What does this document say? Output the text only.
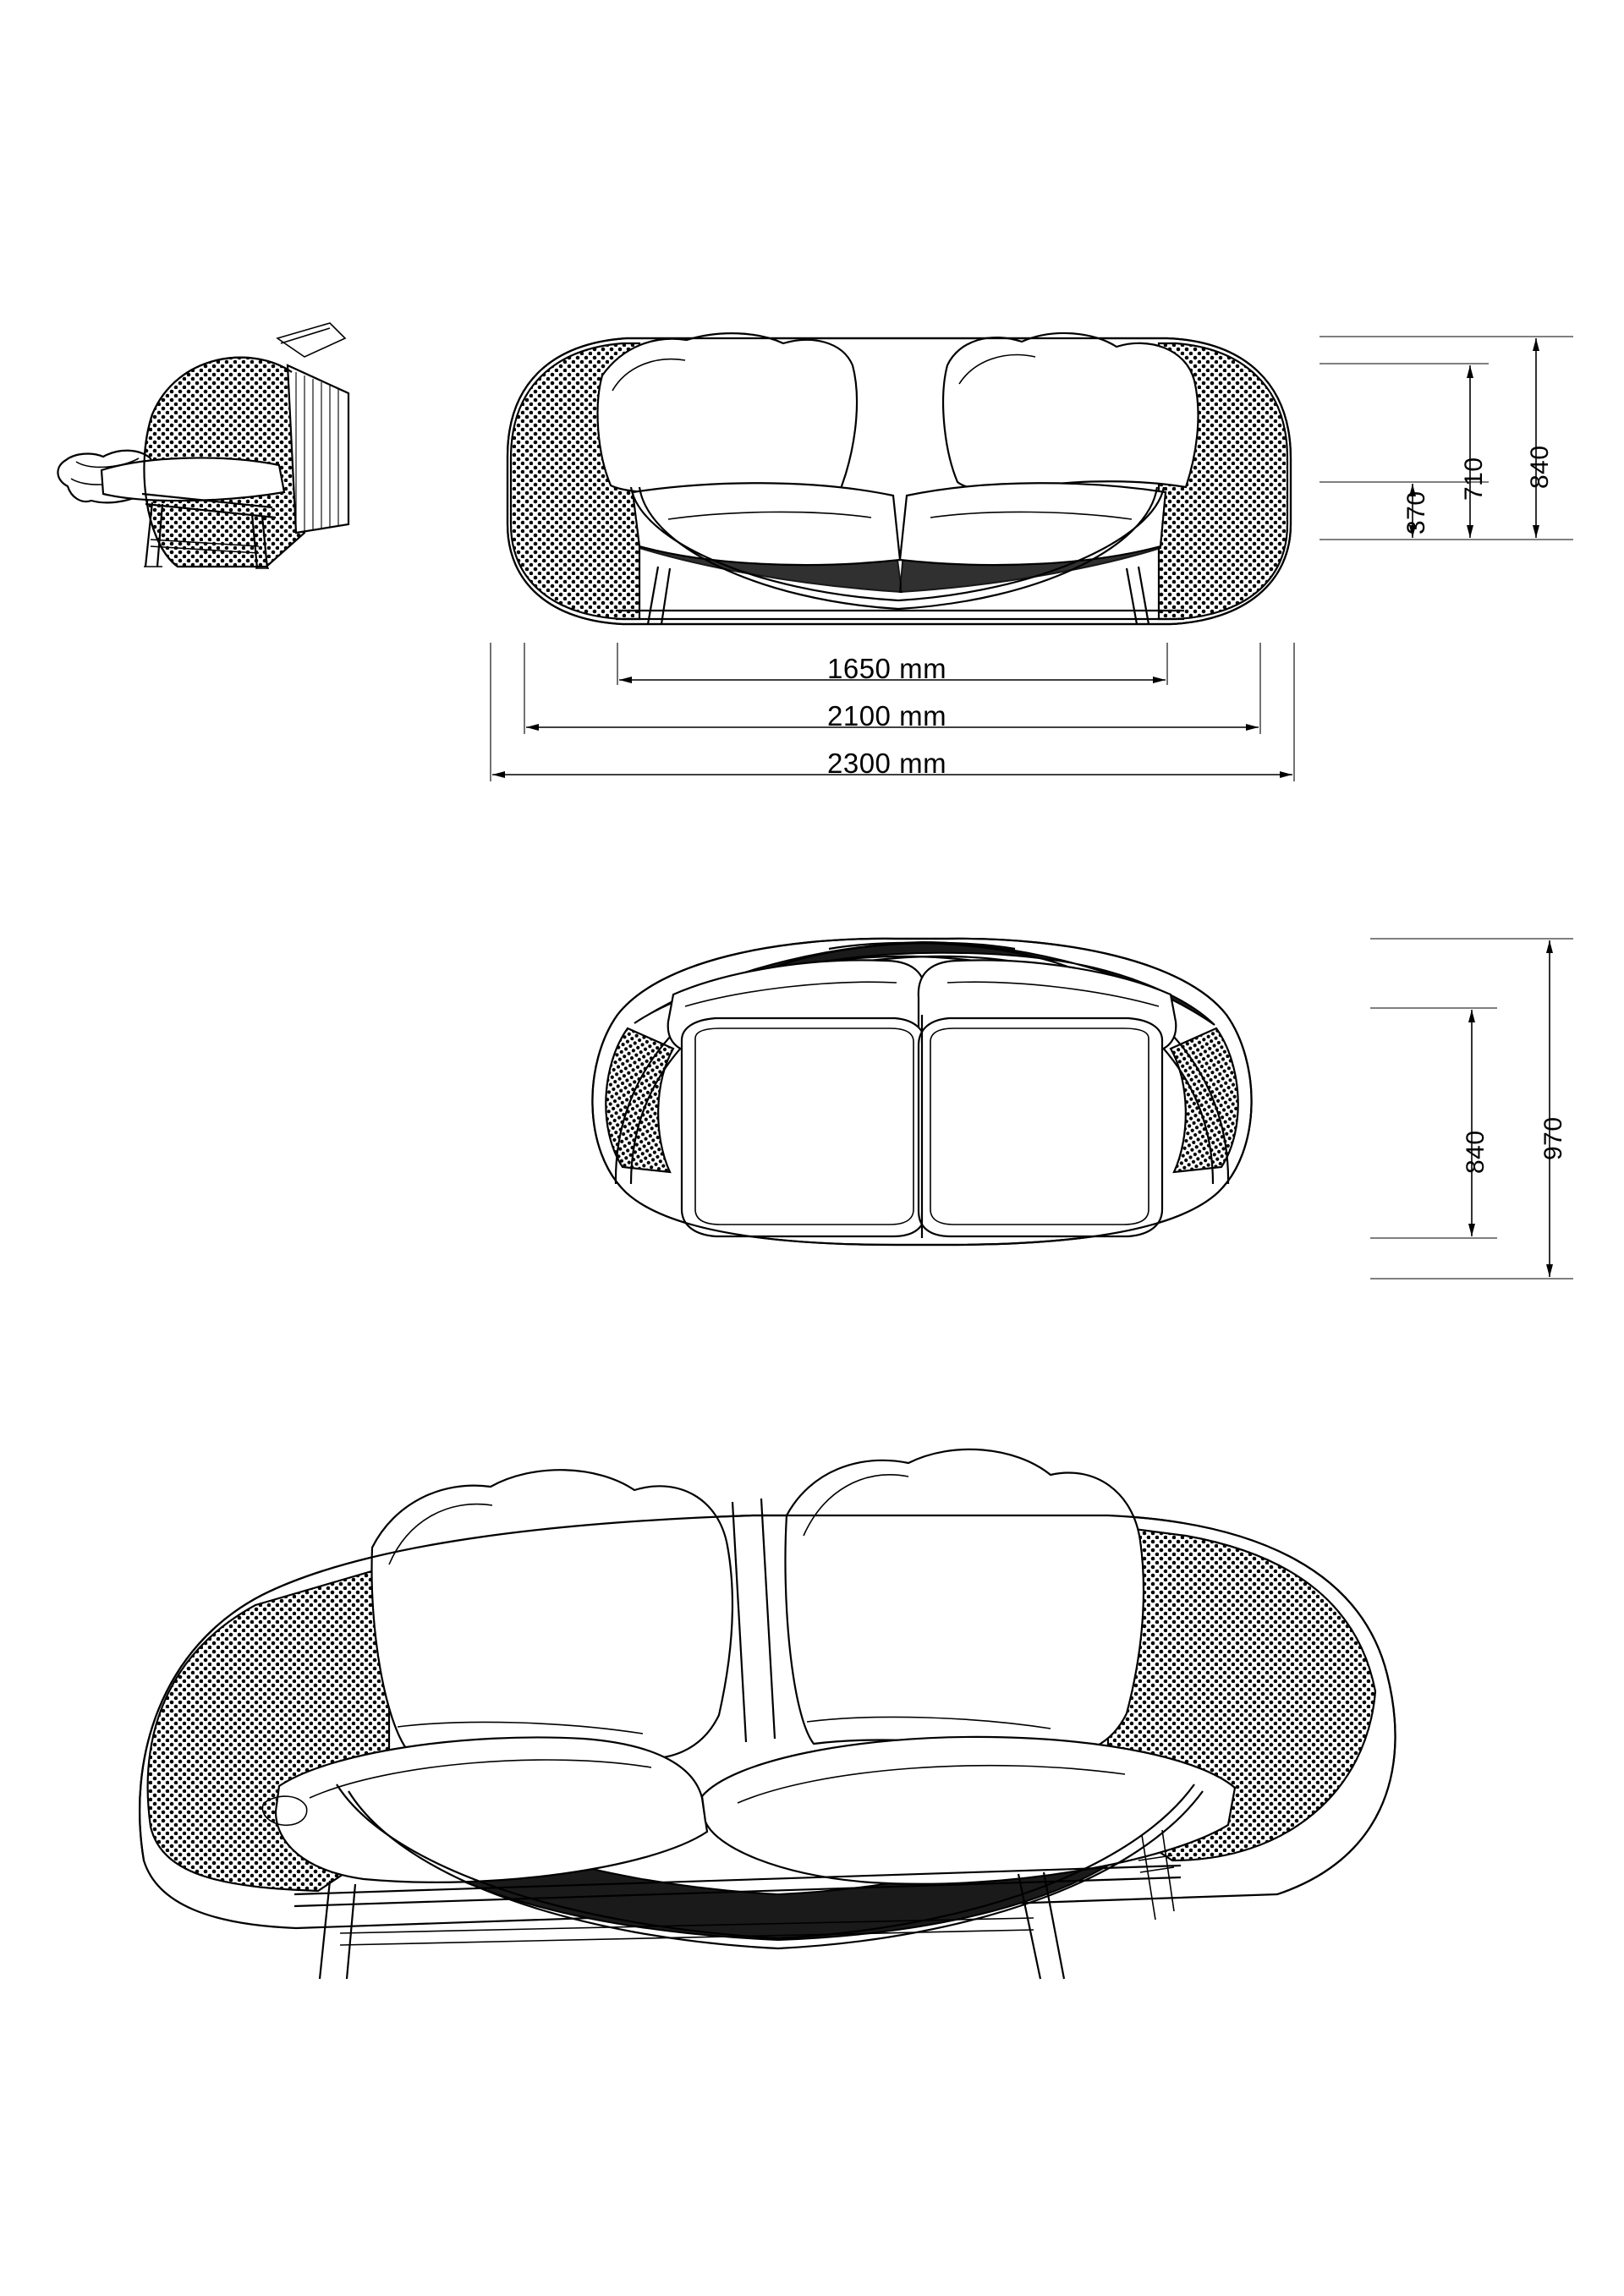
370
710 840
1650 mm
2100 mm
2300 mm
840 970
